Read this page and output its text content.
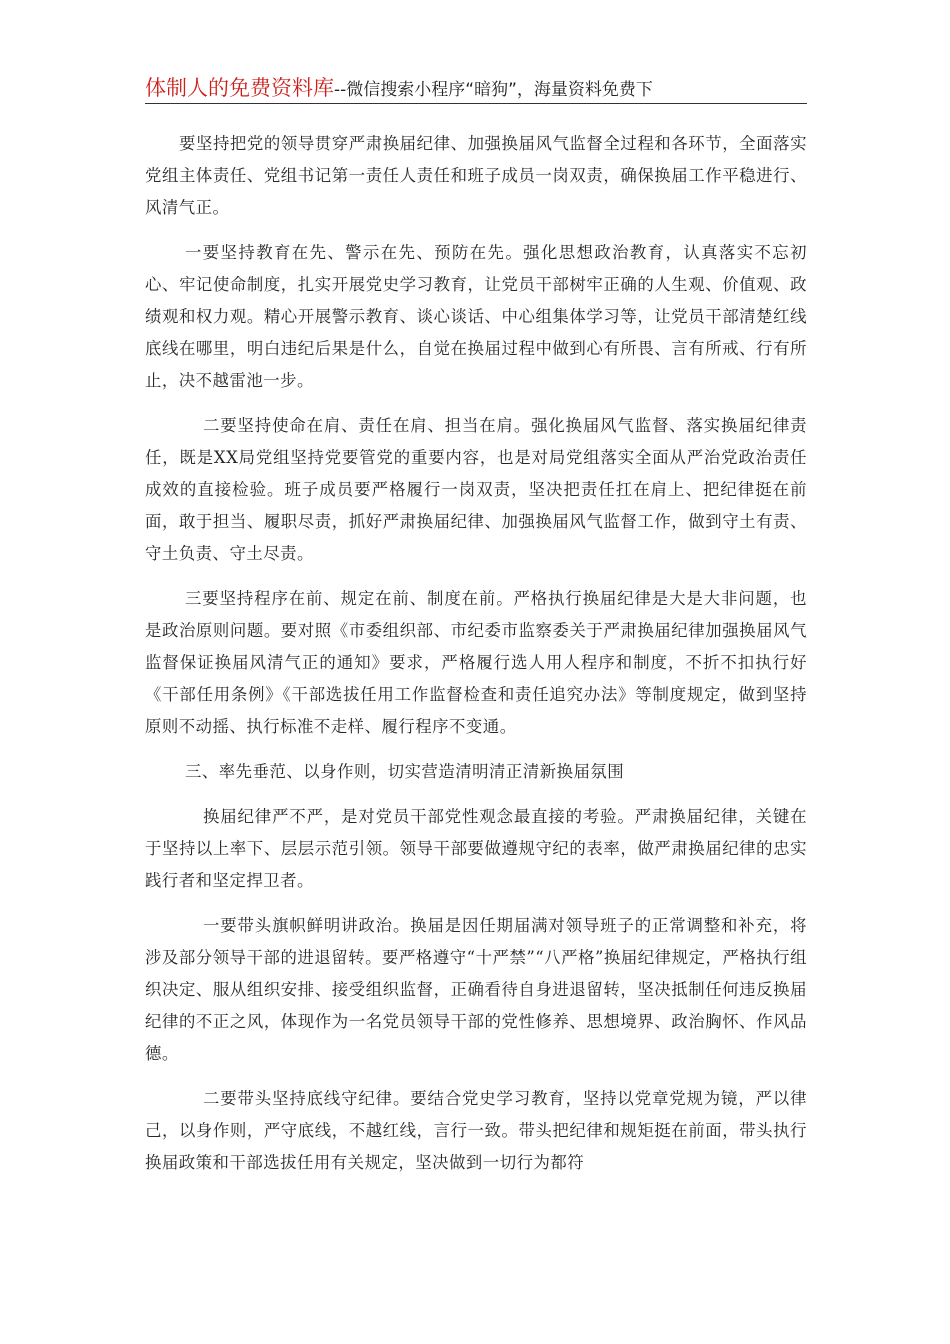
体制人的免费资料库--微信搜索小程序“暗狗”，海量资料免费下

要坚持把党的领导贯穿严肃换届纪律、加强换届风气监督全过程和各环节，全面落实党组主体责任、党组书记第一责任人责任和班子成员一岗双责，确保换届工作平稳进行、风清气正。

一要坚持教育在先、警示在先、预防在先。强化思想政治教育，认真落实不忘初心、牢记使命制度，扎实开展党史学习教育，让党员干部树牢正确的人生观、价值观、政绩观和权力观。精心开展警示教育、谈心谈话、中心组集体学习等，让党员干部清楚红线底线在哪里，明白违纪后果是什么，自觉在换届过程中做到心有所畏、言有所戒、行有所止，决不越雷池一步。

二要坚持使命在肩、责任在肩、担当在肩。强化换届风气监督、落实换届纪律责任，既是XX局党组坚持党要管党的重要内容，也是对局党组落实全面从严治党政治责任成效的直接检验。班子成员要严格履行一岗双责，坚决把责任扛在肩上、把纪律挺在前面，敢于担当、履职尽责，抓好严肃换届纪律、加强换届风气监督工作，做到守土有责、守土负责、守土尽责。

三要坚持程序在前、规定在前、制度在前。严格执行换届纪律是大是大非问题，也是政治原则问题。要对照《市委组织部、市纪委市监察委关于严肃换届纪律加强换届风气监督保证换届风清气正的通知》要求，严格履行选人用人程序和制度，不折不扣执行好《干部任用条例》《干部选拔任用工作监督检查和责任追究办法》等制度规定，做到坚持原则不动摇、执行标准不走样、履行程序不变通。

三、率先垂范、以身作则，切实营造清明清正清新换届氛围

换届纪律严不严，是对党员干部党性观念最直接的考验。严肃换届纪律，关键在于坚持以上率下、层层示范引领。领导干部要做遵规守纪的表率，做严肃换届纪律的忠实践行者和坚定捍卫者。

一要带头旗帜鲜明讲政治。换届是因任期届满对领导班子的正常调整和补充，将涉及部分领导干部的进退留转。要严格遵守“十严禁”“八严格”换届纪律规定，严格执行组织决定、服从组织安排、接受组织监督，正确看待自身进退留转，坚决抵制任何违反换届纪律的不正之风，体现作为一名党员领导干部的党性修养、思想境界、政治胸怀、作风品德。

二要带头坚持底线守纪律。要结合党史学习教育，坚持以党章党规为镜，严以律己，以身作则，严守底线，不越红线，言行一致。带头把纪律和规矩挺在前面，带头执行换届政策和干部选拔任用有关规定，坚决做到一切行为都符
